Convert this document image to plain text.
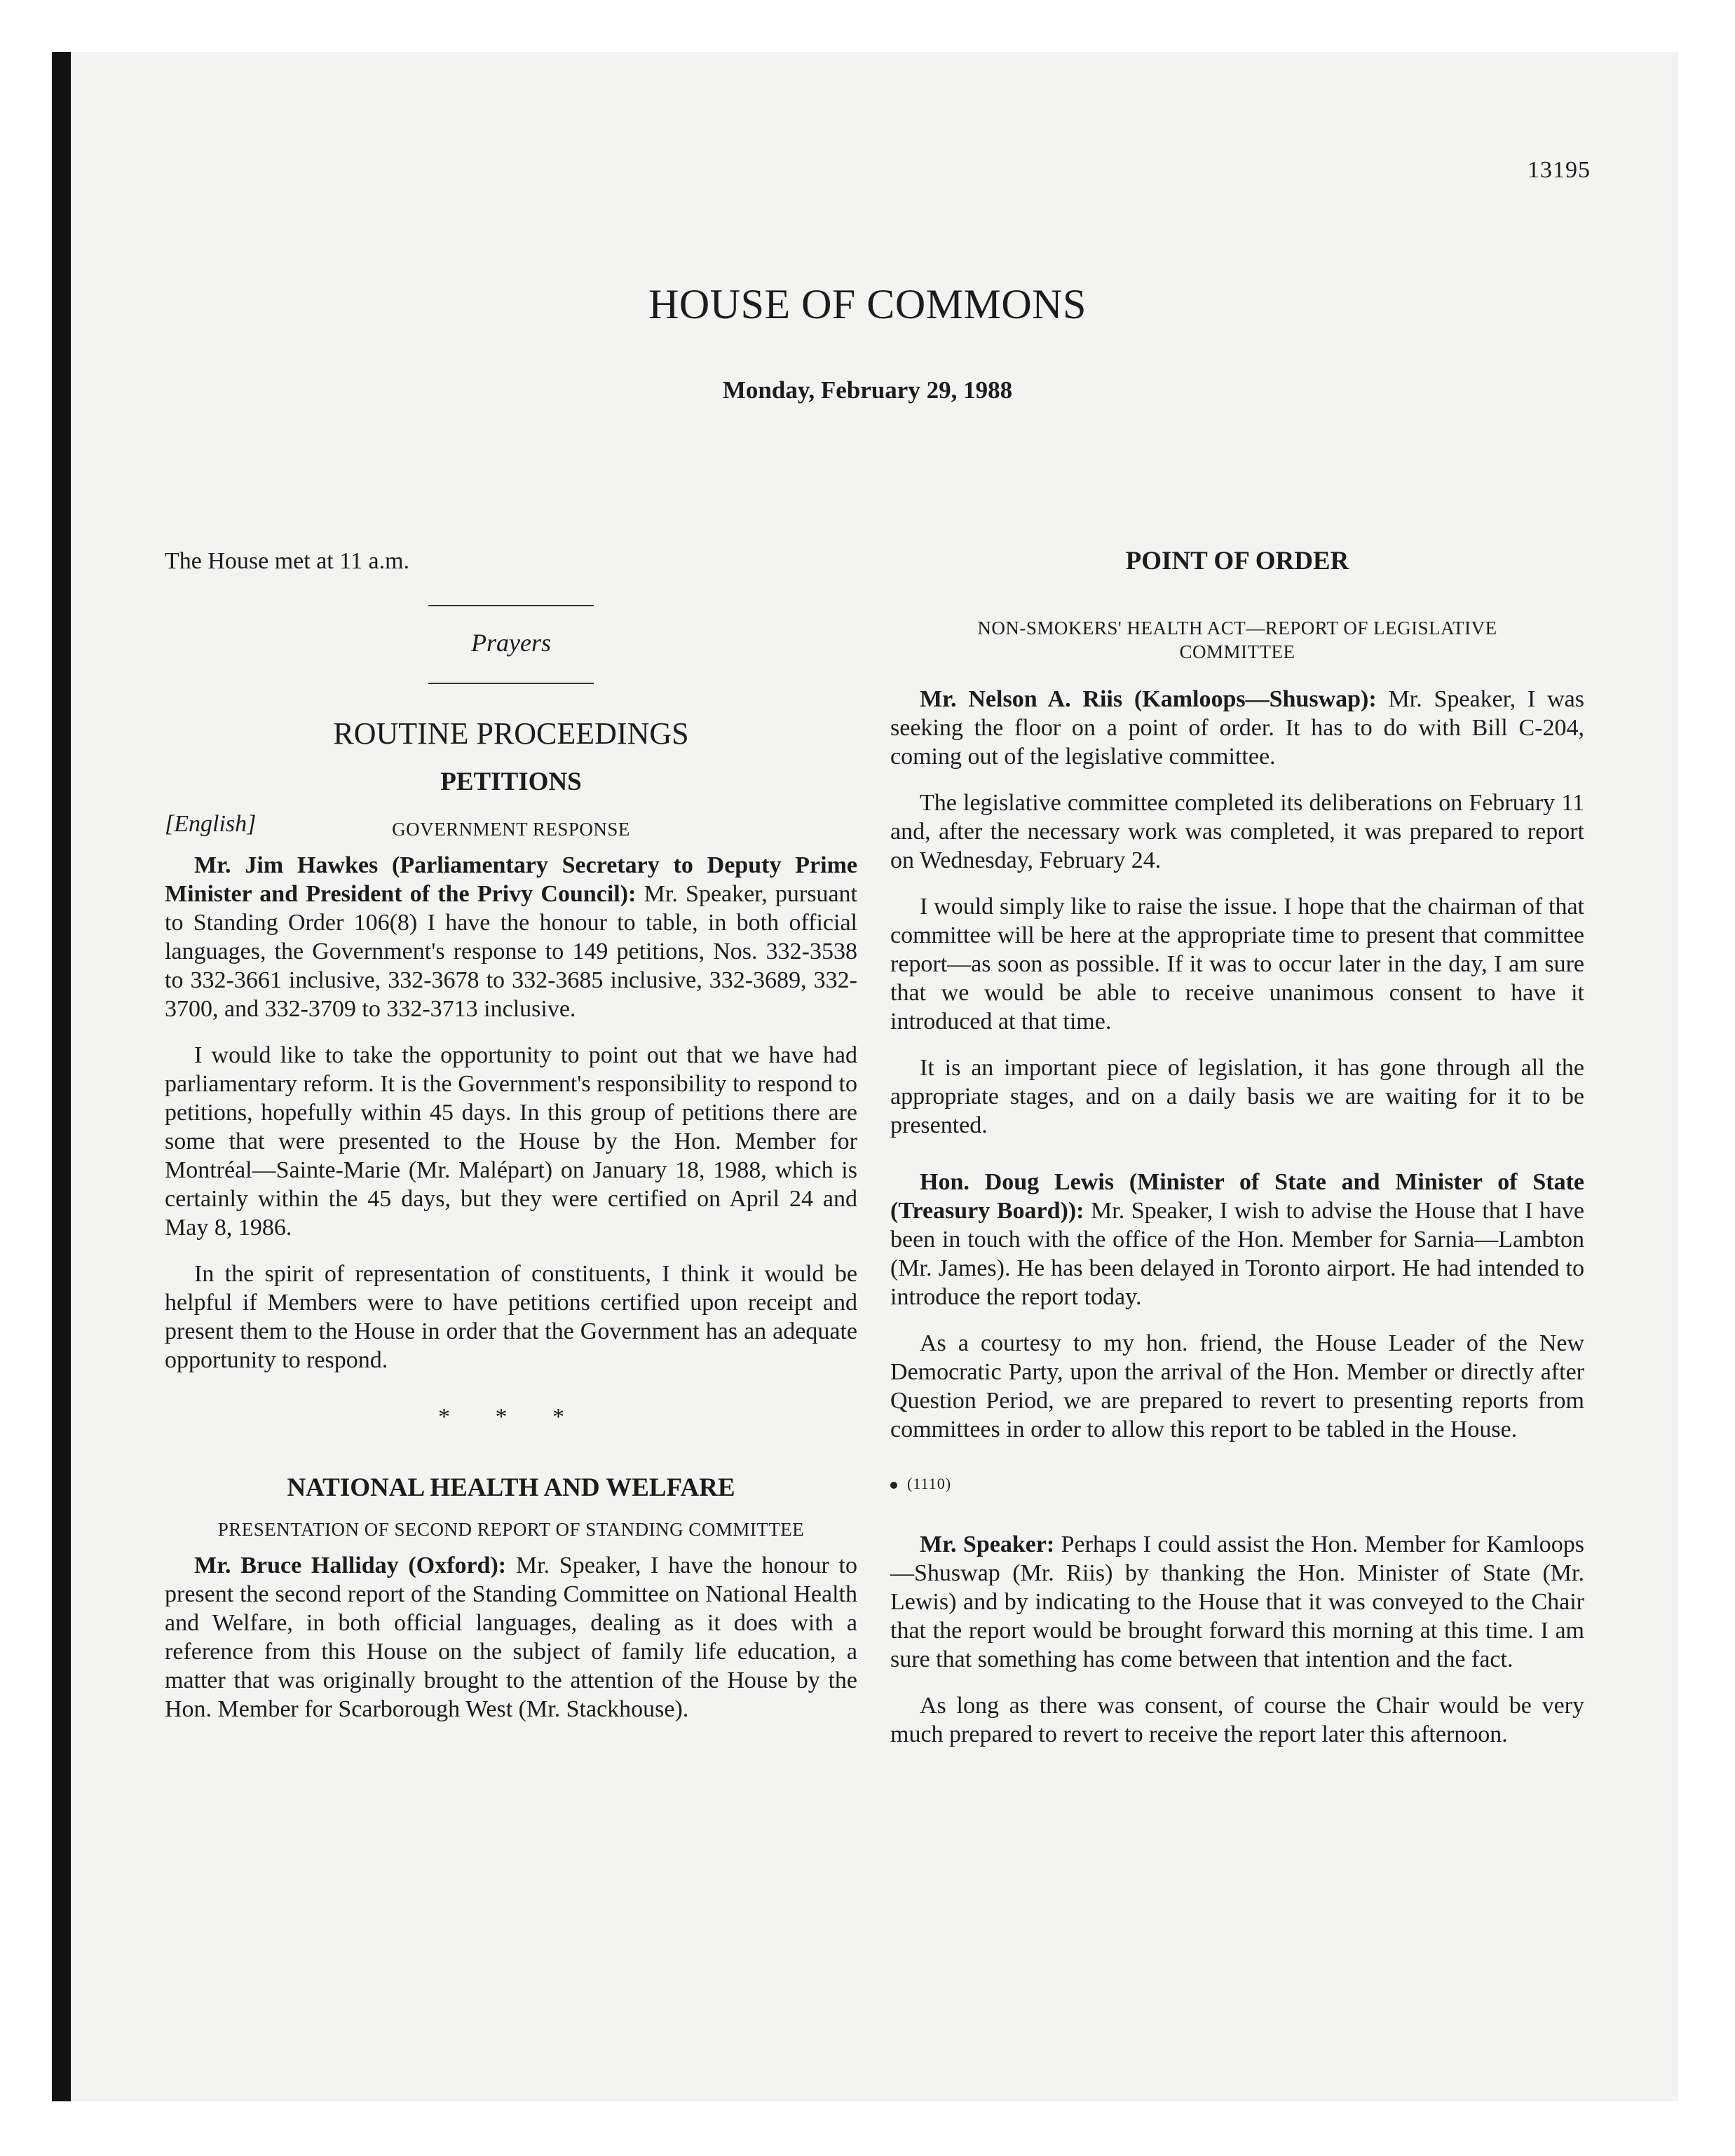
13195
HOUSE OF COMMONS
Monday, February 29, 1988
[English]

The House met at 11 a.m.

Prayers
ROUTINE PROCEEDINGS
PETITIONS
GOVERNMENT RESPONSE

Mr. Jim Hawkes (Parliamentary Secretary to Deputy Prime Minister and President of the Privy Council): Mr. Speaker, pursuant to Standing Order 106(8) I have the honour to table, in both official languages, the Government's response to 149 petitions, Nos. 332-3538 to 332-3661 inclusive, 332-3678 to 332-3685 inclusive, 332-3689, 332-3700, and 332-3709 to 332-3713 inclusive.

I would like to take the opportunity to point out that we have had parliamentary reform. It is the Government's responsibility to respond to petitions, hopefully within 45 days. In this group of petitions there are some that were presented to the House by the Hon. Member for Montréal—Sainte-Marie (Mr. Malépart) on January 18, 1988, which is certainly within the 45 days, but they were certified on April 24 and May 8, 1986.

In the spirit of representation of constituents, I think it would be helpful if Members were to have petitions certified upon receipt and present them to the House in order that the Government has an adequate opportunity to respond.

* * *
NATIONAL HEALTH AND WELFARE
PRESENTATION OF SECOND REPORT OF STANDING COMMITTEE

Mr. Bruce Halliday (Oxford): Mr. Speaker, I have the honour to present the second report of the Standing Committee on National Health and Welfare, in both official languages, dealing as it does with a reference from this House on the subject of family life education, a matter that was originally brought to the attention of the House by the Hon. Member for Scarborough West (Mr. Stackhouse).

POINT OF ORDER
NON-SMOKERS' HEALTH ACT—REPORT OF LEGISLATIVE COMMITTEE

Mr. Nelson A. Riis (Kamloops—Shuswap): Mr. Speaker, I was seeking the floor on a point of order. It has to do with Bill C-204, coming out of the legislative committee.

The legislative committee completed its deliberations on February 11 and, after the necessary work was completed, it was prepared to report on Wednesday, February 24.

I would simply like to raise the issue. I hope that the chairman of that committee will be here at the appropriate time to present that committee report—as soon as possible. If it was to occur later in the day, I am sure that we would be able to receive unanimous consent to have it introduced at that time.

It is an important piece of legislation, it has gone through all the appropriate stages, and on a daily basis we are waiting for it to be presented.

Hon. Doug Lewis (Minister of State and Minister of State (Treasury Board)): Mr. Speaker, I wish to advise the House that I have been in touch with the office of the Hon. Member for Sarnia—Lambton (Mr. James). He has been delayed in Toronto airport. He had intended to introduce the report today.

As a courtesy to my hon. friend, the House Leader of the New Democratic Party, upon the arrival of the Hon. Member or directly after Question Period, we are prepared to revert to presenting reports from committees in order to allow this report to be tabled in the House.

(1110)

Mr. Speaker: Perhaps I could assist the Hon. Member for Kamloops—Shuswap (Mr. Riis) by thanking the Hon. Minister of State (Mr. Lewis) and by indicating to the House that it was conveyed to the Chair that the report would be brought forward this morning at this time. I am sure that something has come between that intention and the fact.

As long as there was consent, of course the Chair would be very much prepared to revert to receive the report later this afternoon.
